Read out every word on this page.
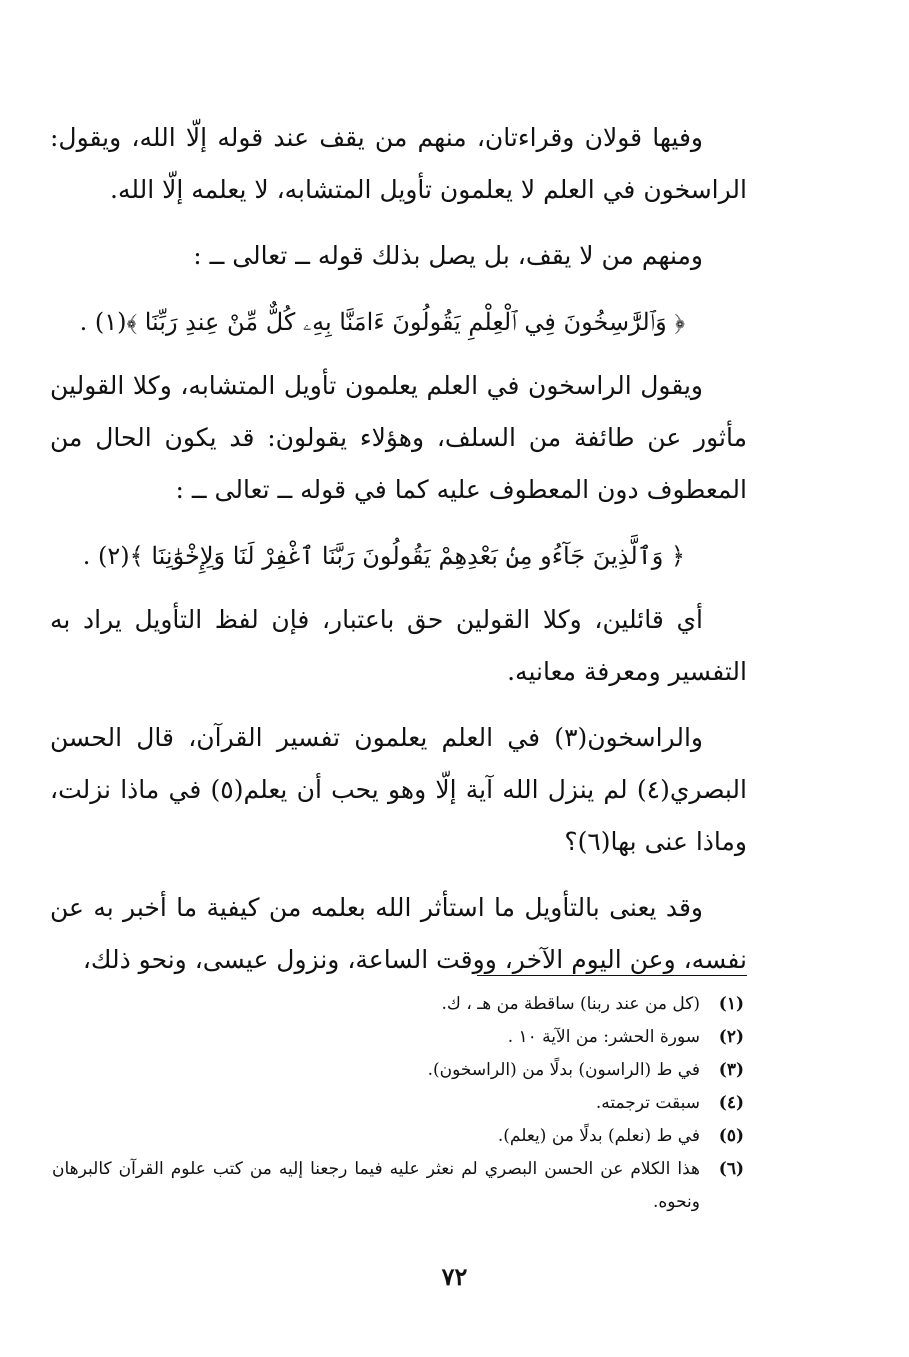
وفيها قولان وقراءتان، منهم من يقف عند قوله إلّا الله، ويقول: الراسخون في العلم لا يعلمون تأويل المتشابه، لا يعلمه إلّا الله.

ومنهم من لا يقف، بل يصل بذلك قوله ــ تعالى ــ :

﴿ وَٱلرَّٰسِخُونَ فِي ٱلْعِلْمِ يَقُولُونَ ءَامَنَّا بِهِۦ كُلٌّ مِّنْ عِندِ رَبِّنَا ﴾(١) .

ويقول الراسخون في العلم يعلمون تأويل المتشابه، وكلا القولين مأثور عن طائفة من السلف، وهؤلاء يقولون: قد يكون الحال من المعطوف دون المعطوف عليه كما في قوله ــ تعالى ــ :

﴿ وَٱلَّذِينَ جَآءُو مِنۢ بَعْدِهِمْ يَقُولُونَ رَبَّنَا ٱغْفِرْ لَنَا وَلِإِخْوَٰنِنَا ﴾(٢) .

أي قائلين، وكلا القولين حق باعتبار، فإن لفظ التأويل يراد به التفسير ومعرفة معانيه.

والراسخون(٣) في العلم يعلمون تفسير القرآن، قال الحسن البصري(٤) لم ينزل الله آية إلّا وهو يحب أن يعلم(٥) في ماذا نزلت، وماذا عنى بها(٦)؟

وقد يعنى بالتأويل ما استأثر الله بعلمه من كيفية ما أخبر به عن نفسه، وعن اليوم الآخر، ووقت الساعة، ونزول عيسى، ونحو ذلك،

(١)
(كل من عند ربنا) ساقطة من هـ ، ك.
(٢)
سورة الحشر: من الآية ١٠ .
(٣)
في ط (الراسون) بدلًا من (الراسخون).
(٤)
سبقت ترجمته.
(٥)
في ط (نعلم) بدلًا من (يعلم).
(٦)
هذا الكلام عن الحسن البصري لم نعثر عليه فيما رجعنا إليه من كتب علوم القرآن كالبرهان ونحوه.
٧٢
